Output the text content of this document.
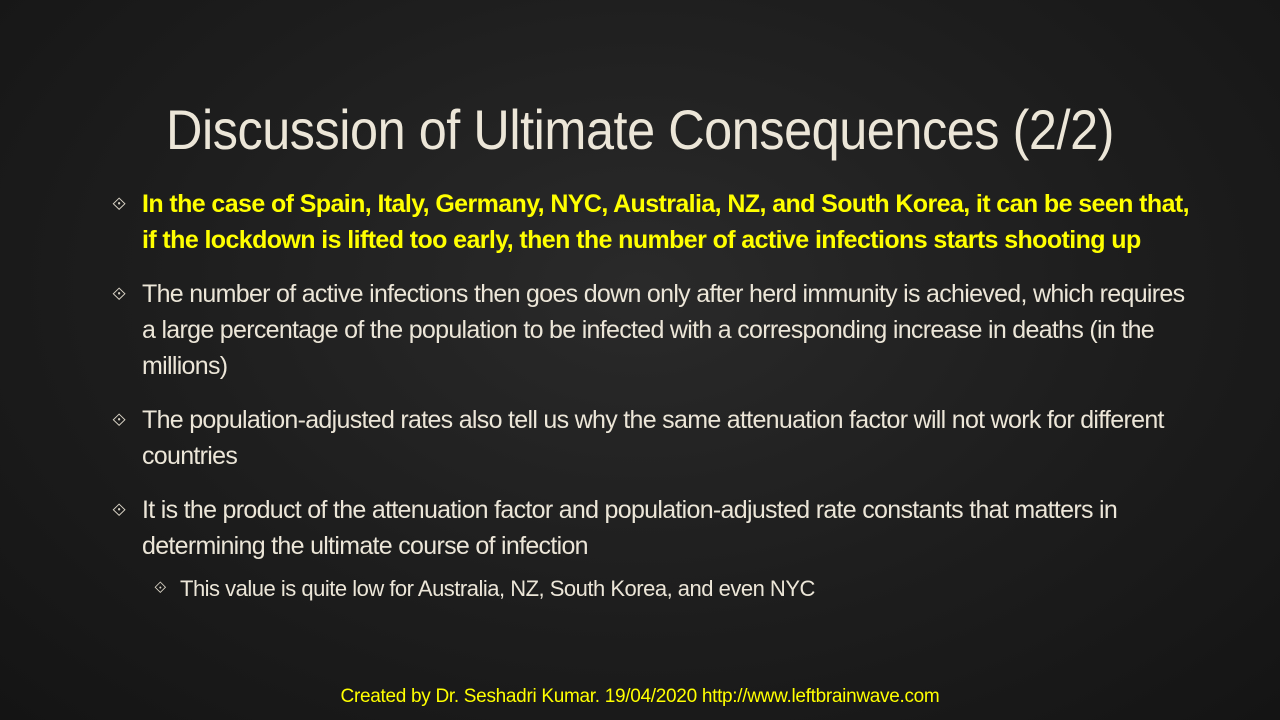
Discussion of Ultimate Consequences (2/2)
⟐ In the case of Spain, Italy, Germany, NYC, Australia, NZ, and South Korea, it can be seen that, if the lockdown is lifted too early, then the number of active infections starts shooting up
⟐ The number of active infections then goes down only after herd immunity is achieved, which requires a large percentage of the population to be infected with a corresponding increase in deaths (in the millions)
⟐ The population-adjusted rates also tell us why the same attenuation factor will not work for different countries
⟐ It is the product of the attenuation factor and population-adjusted rate constants that matters in determining the ultimate course of infection
⟐ This value is quite low for Australia, NZ, South Korea, and even NYC
Created by Dr. Seshadri Kumar. 19/04/2020 http://www.leftbrainwave.com
